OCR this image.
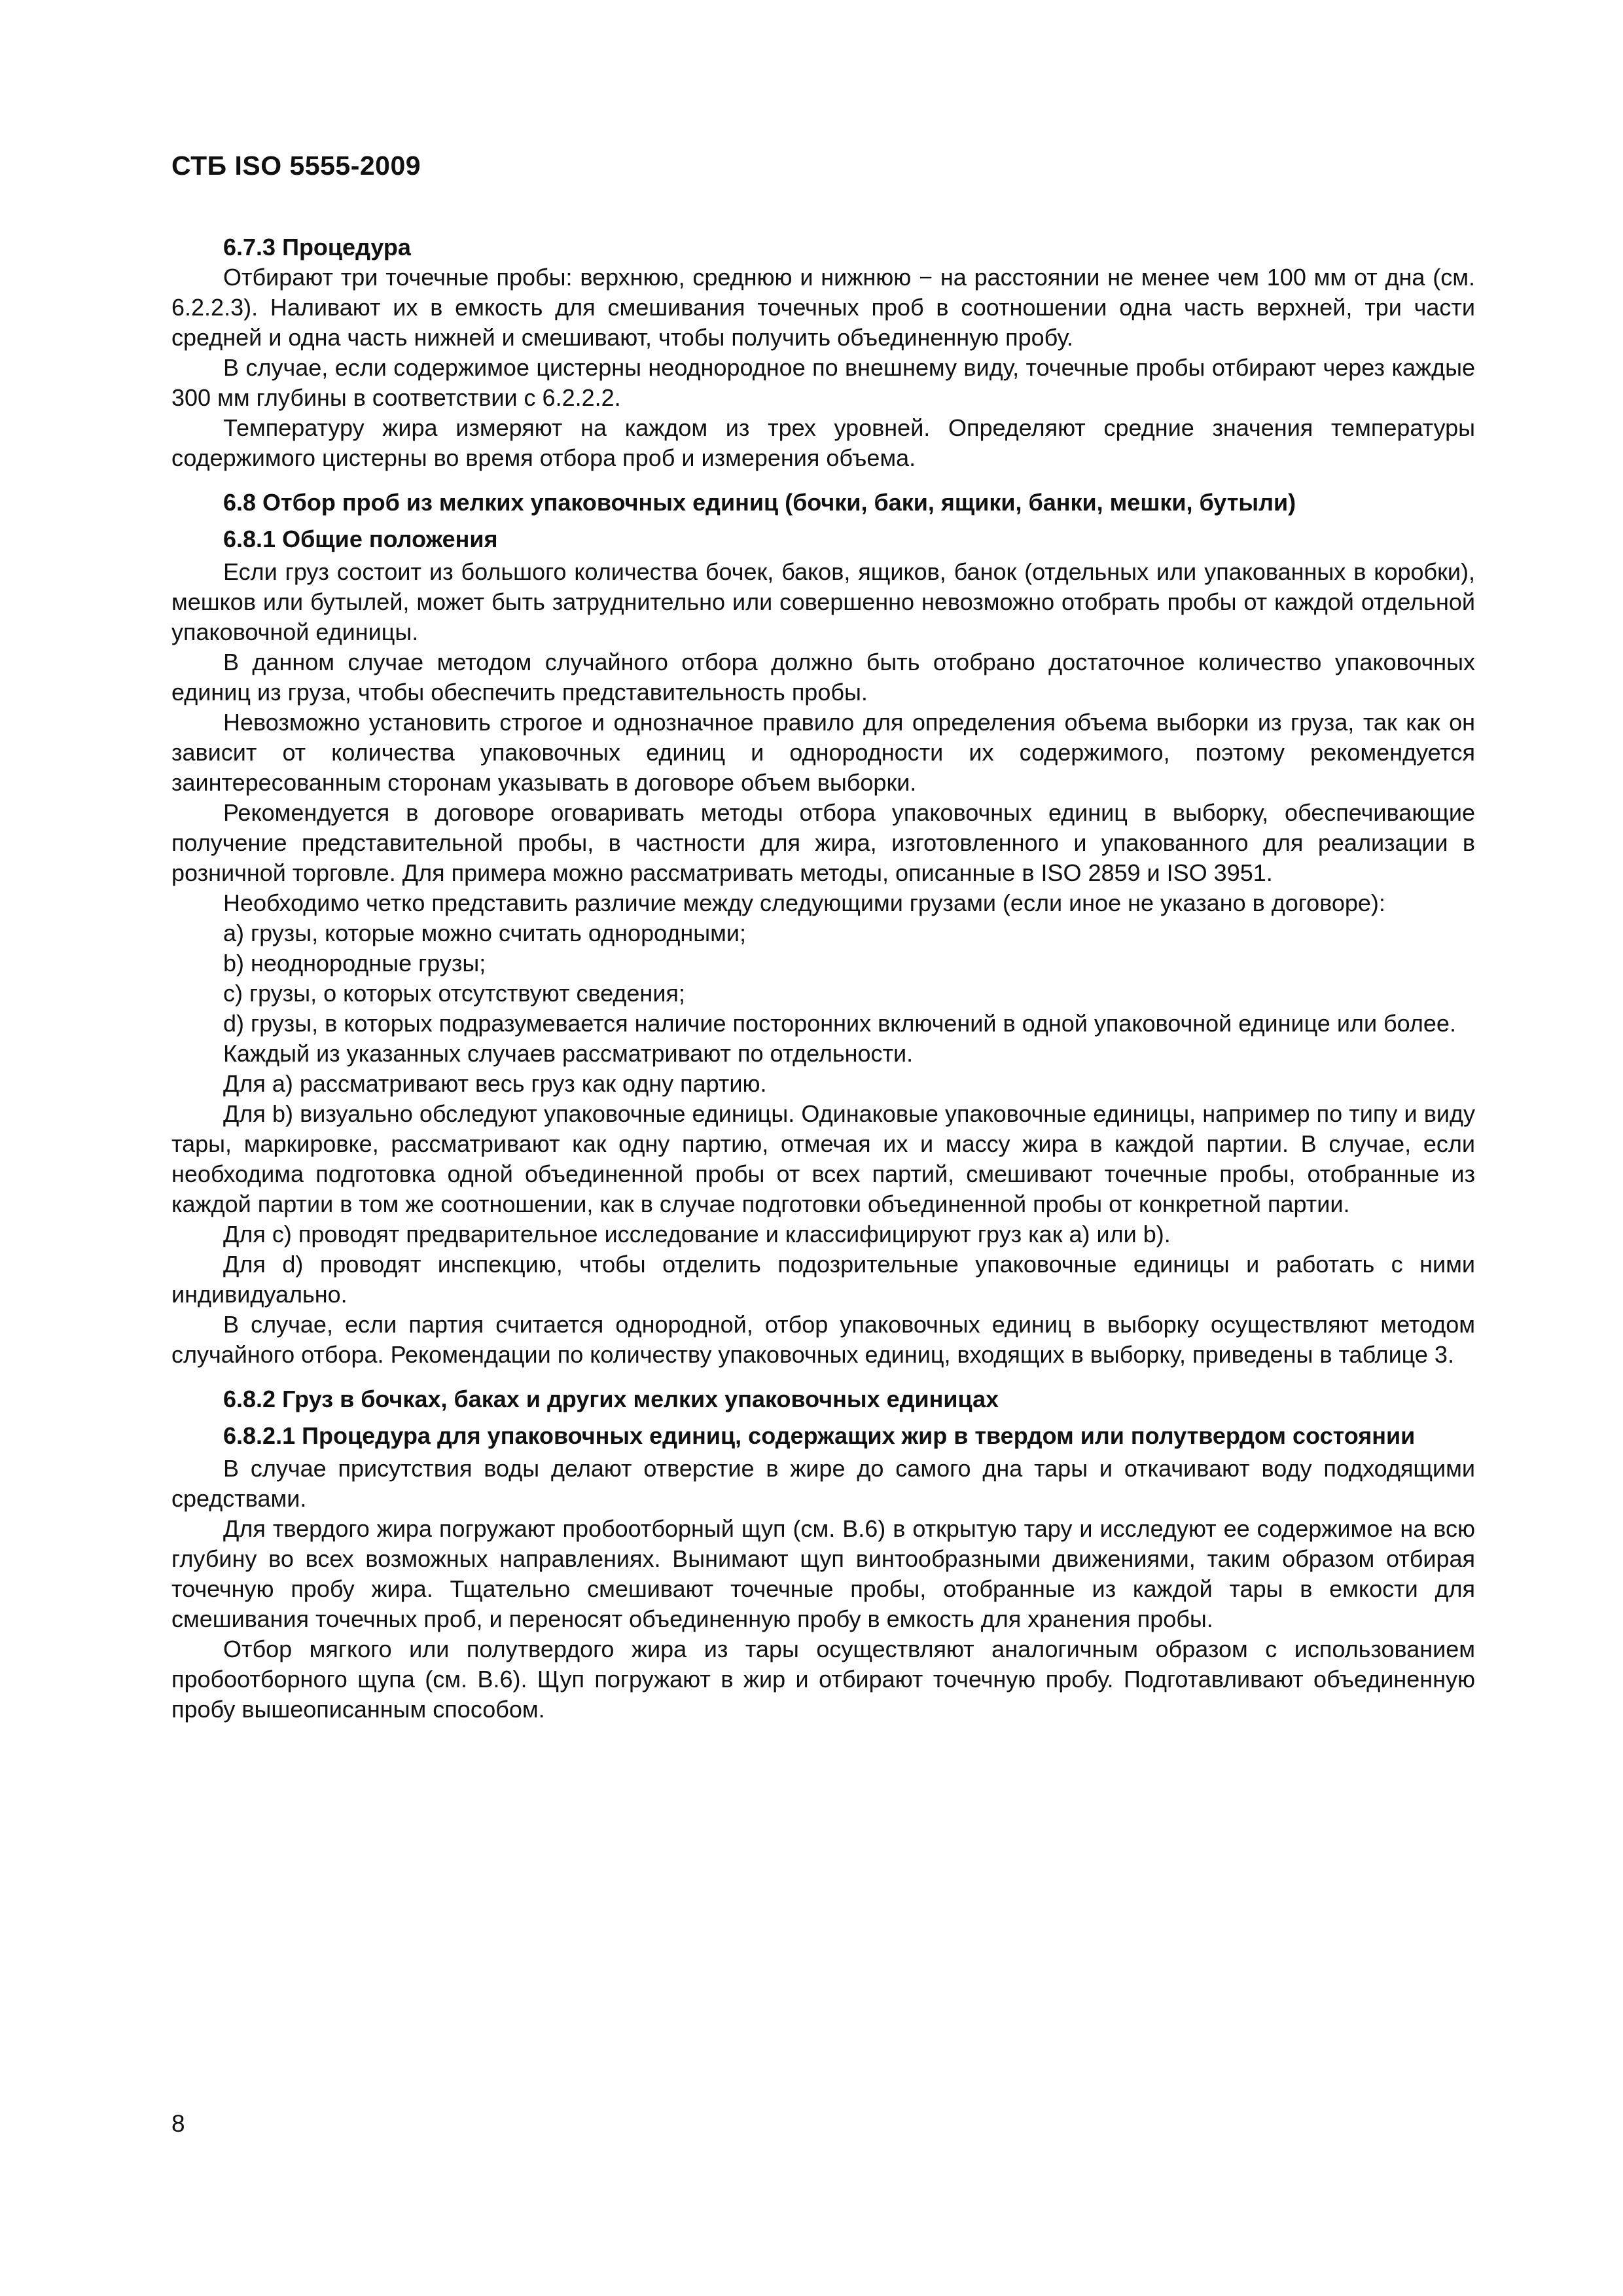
СТБ ISO 5555-2009
6.7.3 Процедура

Отбирают три точечные пробы: верхнюю, среднюю и нижнюю − на расстоянии не менее чем 100 мм от дна (см. 6.2.2.3). Наливают их в емкость для смешивания точечных проб в соотношении одна часть верхней, три части средней и одна часть нижней и смешивают, чтобы получить объединенную пробу.

В случае, если содержимое цистерны неоднородное по внешнему виду, точечные пробы отбирают через каждые 300 мм глубины в соответствии с 6.2.2.2.

Температуру жира измеряют на каждом из трех уровней. Определяют средние значения температуры содержимого цистерны во время отбора проб и измерения объема.

6.8 Отбор проб из мелких упаковочных единиц (бочки, баки, ящики, банки, мешки, бутыли)
6.8.1 Общие положения

Если груз состоит из большого количества бочек, баков, ящиков, банок (отдельных или упакованных в коробки), мешков или бутылей, может быть затруднительно или совершенно невозможно отобрать пробы от каждой отдельной упаковочной единицы.

В данном случае методом случайного отбора должно быть отобрано достаточное количество упаковочных единиц из груза, чтобы обеспечить представительность пробы.

Невозможно установить строгое и однозначное правило для определения объема выборки из груза, так как он зависит от количества упаковочных единиц и однородности их содержимого, поэтому рекомендуется заинтересованным сторонам указывать в договоре объем выборки.

Рекомендуется в договоре оговаривать методы отбора упаковочных единиц в выборку, обеспечивающие получение представительной пробы, в частности для жира, изготовленного и упакованного для реализации в розничной торговле. Для примера можно рассматривать методы, описанные в ISO 2859 и ISO 3951.

Необходимо четко представить различие между следующими грузами (если иное не указано в договоре):

a) грузы, которые можно считать однородными;

b) неоднородные грузы;

c) грузы, о которых отсутствуют сведения;

d) грузы, в которых подразумевается наличие посторонних включений в одной упаковочной единице или более.

Каждый из указанных случаев рассматривают по отдельности.

Для a) рассматривают весь груз как одну партию.

Для b) визуально обследуют упаковочные единицы. Одинаковые упаковочные единицы, например по типу и виду тары, маркировке, рассматривают как одну партию, отмечая их и массу жира в каждой партии. В случае, если необходима подготовка одной объединенной пробы от всех партий, смешивают точечные пробы, отобранные из каждой партии в том же соотношении, как в случае подготовки объединенной пробы от конкретной партии.

Для c) проводят предварительное исследование и классифицируют груз как a) или b).

Для d) проводят инспекцию, чтобы отделить подозрительные упаковочные единицы и работать с ними индивидуально.

В случае, если партия считается однородной, отбор упаковочных единиц в выборку осуществляют методом случайного отбора. Рекомендации по количеству упаковочных единиц, входящих в выборку, приведены в таблице 3.

6.8.2 Груз в бочках, баках и других мелких упаковочных единицах
6.8.2.1 Процедура для упаковочных единиц, содержащих жир в твердом или полутвердом состоянии

В случае присутствия воды делают отверстие в жире до самого дна тары и откачивают воду подходящими средствами.

Для твердого жира погружают пробоотборный щуп (см. B.6) в открытую тару и исследуют ее содержимое на всю глубину во всех возможных направлениях. Вынимают щуп винтообразными движениями, таким образом отбирая точечную пробу жира. Тщательно смешивают точечные пробы, отобранные из каждой тары в емкости для смешивания точечных проб, и переносят объединенную пробу в емкость для хранения пробы.

Отбор мягкого или полутвердого жира из тары осуществляют аналогичным образом с использованием пробоотборного щупа (см. B.6). Щуп погружают в жир и отбирают точечную пробу. Подготавливают объединенную пробу вышеописанным способом.

8
